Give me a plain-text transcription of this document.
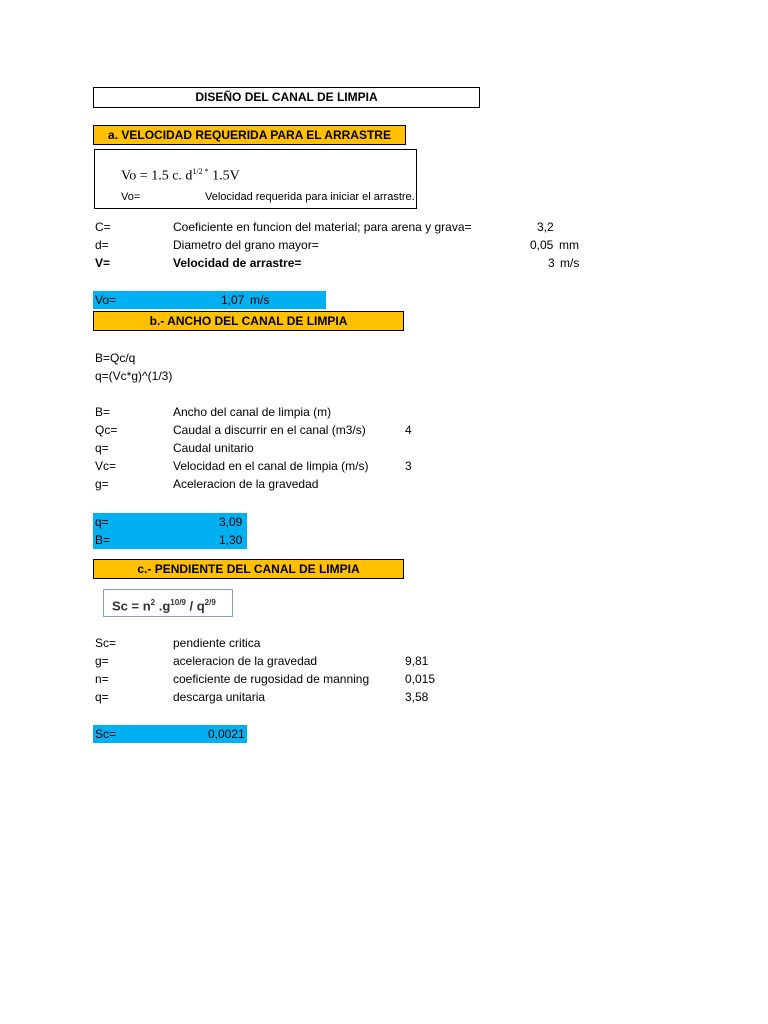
DISEÑO DEL CANAL DE LIMPIA
a. VELOCIDAD REQUERIDA PARA EL ARRASTRE
Vo = 1.5 c. $d^{1/2}$ * 1.5V
Vo=	Velocidad requerida para iniciar el arrastre.
C=	Coeficiente en funcion del material; para arena y grava=	3,2
d=	Diametro del grano mayor=	0,05 mm
V=	Velocidad de arrastre=	3 m/s
Vo=	1,07 m/s
b.- ANCHO DEL CANAL DE LIMPIA
B=Qc/q
q=(Vc*g)^(1/3)
B=	Ancho del canal de limpia (m)
Qc=	Caudal a discurrir en el canal (m3/s)	4
q=	Caudal unitario
Vc=	Velocidad en el canal de limpia (m/s)	3
g=	Aceleracion de la gravedad
q=	3,09
B=	1,30
c.- PENDIENTE DEL CANAL DE LIMPIA
$Sc = n^2$ $.g^{10/9} / q^{2/9}$
Sc=	pendiente critica
g=	aceleracion de la gravedad	9,81
n=	coeficiente de rugosidad de manning	0,015
q=	descarga unitaria	3,58
Sc=	0,0021
